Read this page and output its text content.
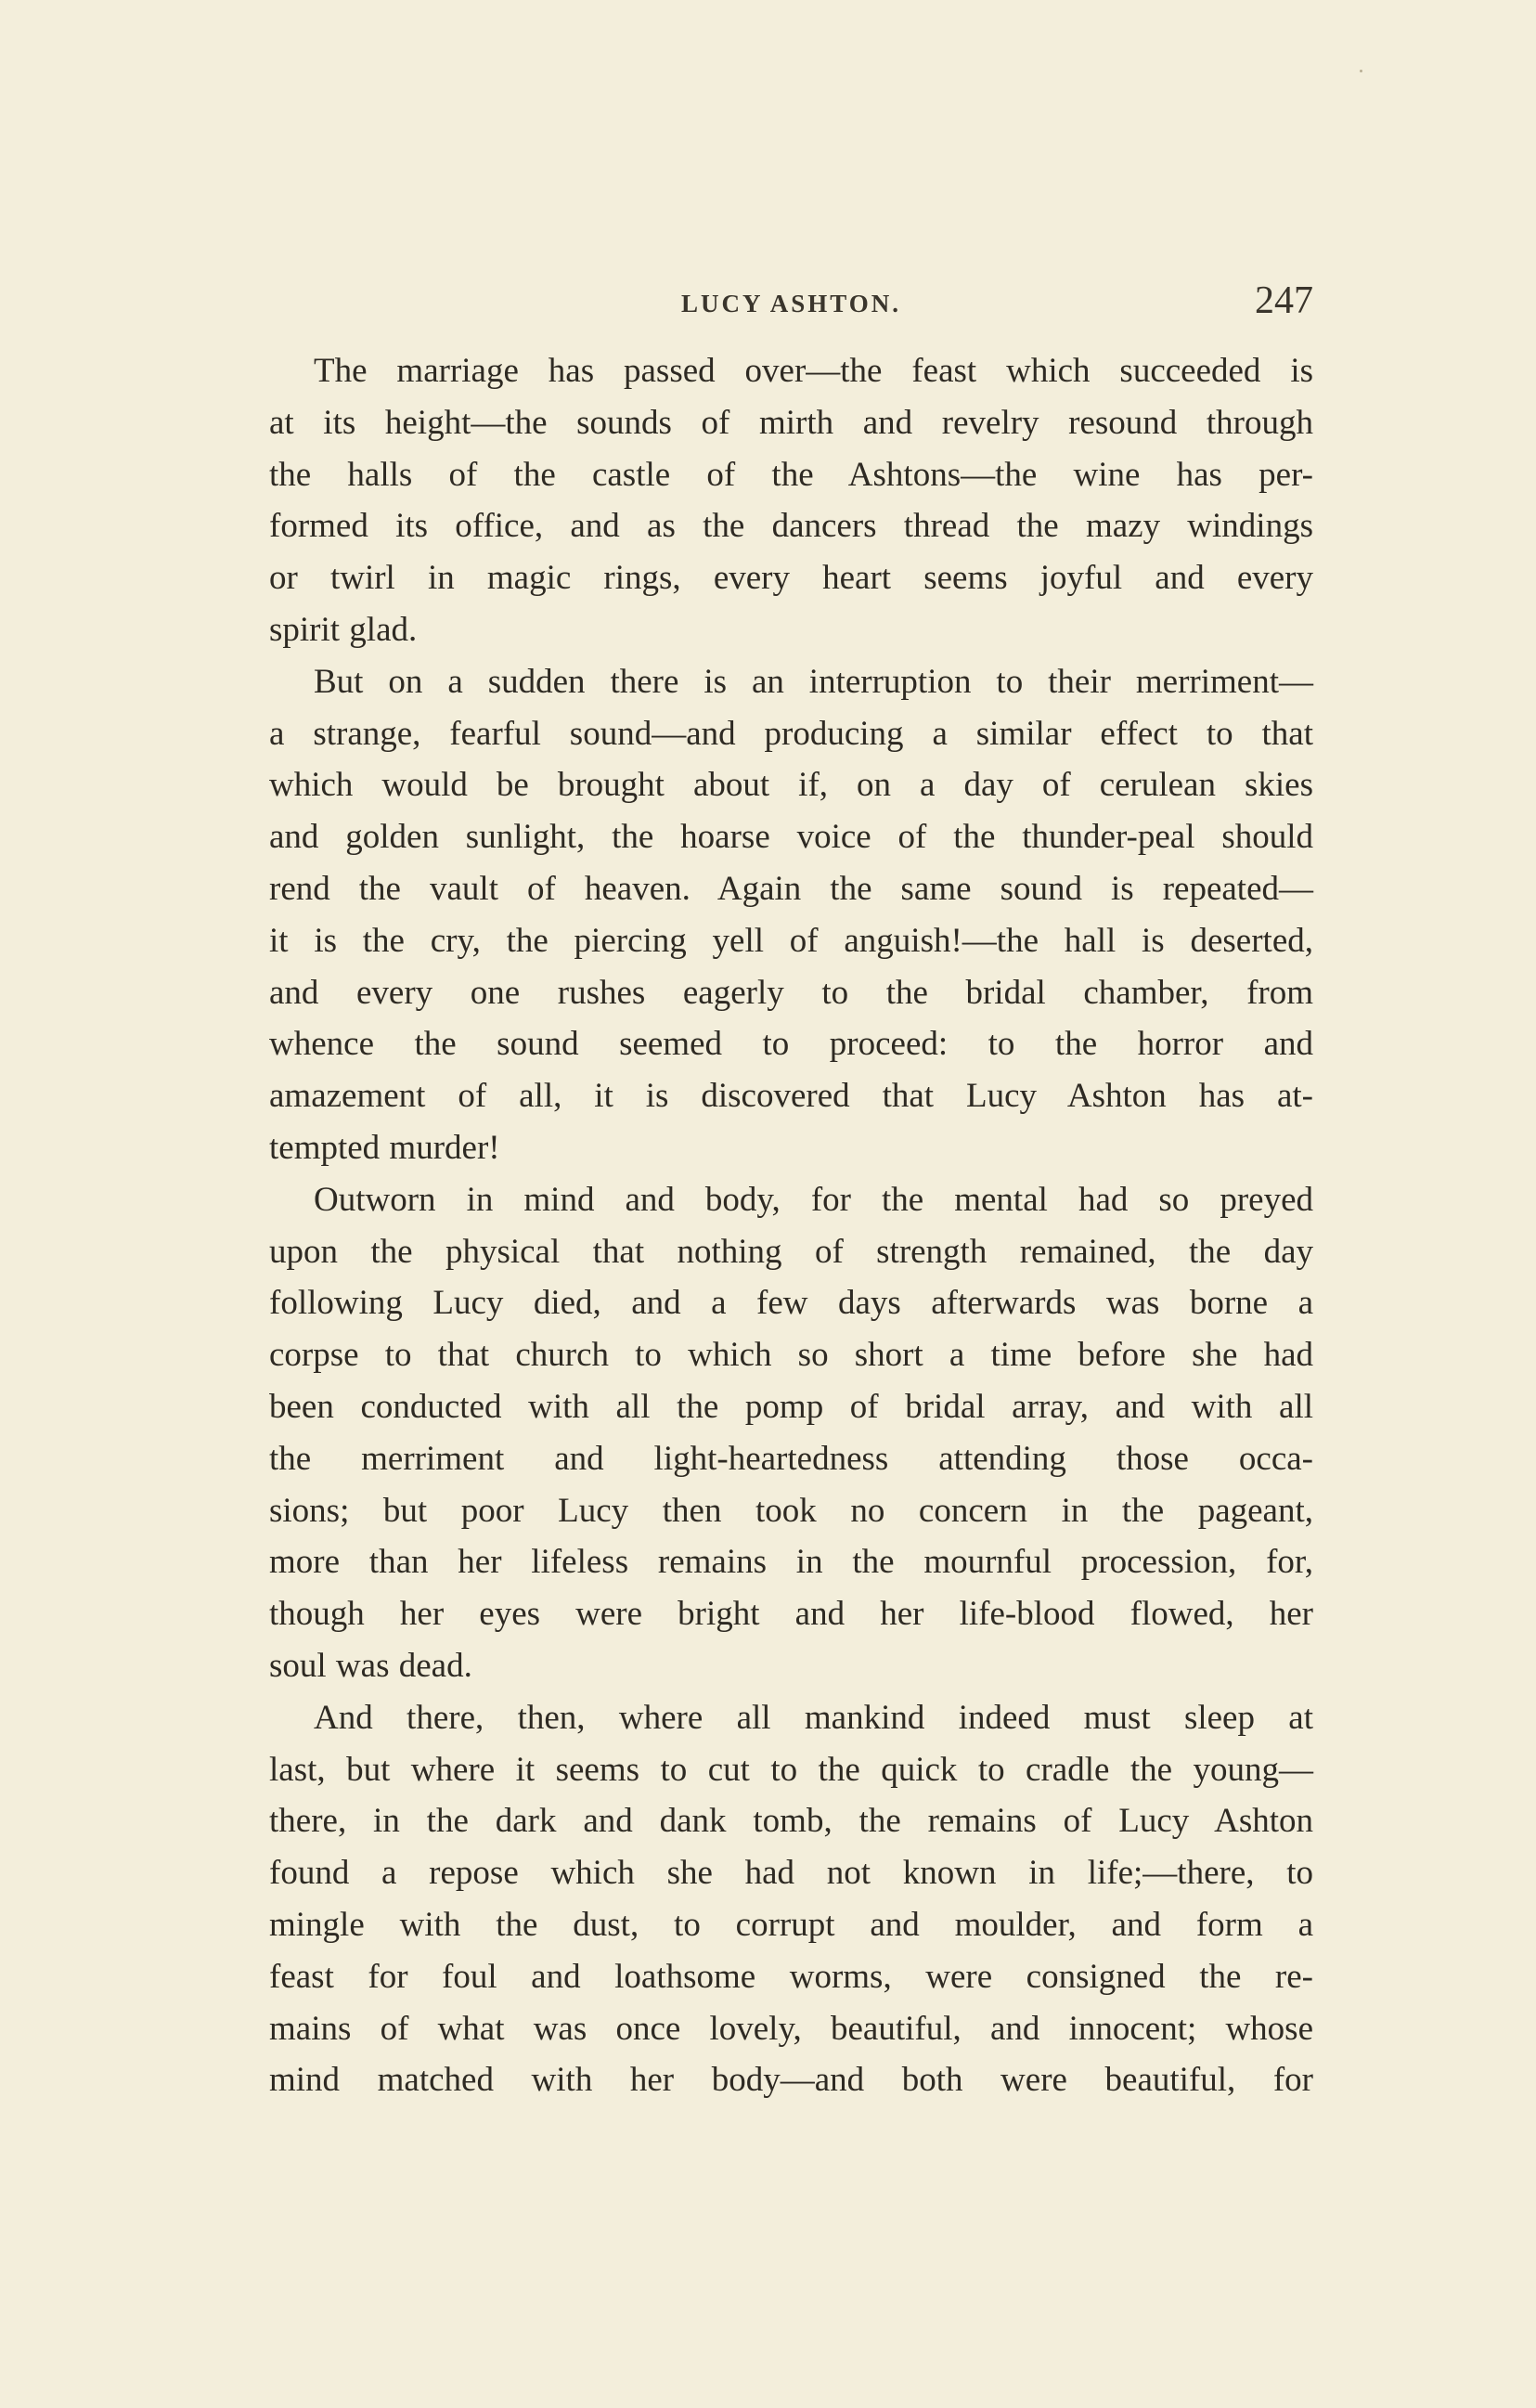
LUCY ASHTON.	247
The marriage has passed over—the feast which succeeded is
at its height—the sounds of mirth and revelry resound through
the halls of the castle of the Ashtons—the wine has per-
formed its office, and as the dancers thread the mazy windings
or twirl in magic rings, every heart seems joyful and every
spirit glad.
But on a sudden there is an interruption to their merriment—
a strange, fearful sound—and producing a similar effect to that
which would be brought about if, on a day of cerulean skies
and golden sunlight, the hoarse voice of the thunder-peal should
rend the vault of heaven. Again the same sound is repeated—
it is the cry, the piercing yell of anguish!—the hall is deserted,
and every one rushes eagerly to the bridal chamber, from
whence the sound seemed to proceed: to the horror and
amazement of all, it is discovered that Lucy Ashton has at-
tempted murder!
Outworn in mind and body, for the mental had so preyed
upon the physical that nothing of strength remained, the day
following Lucy died, and a few days afterwards was borne a
corpse to that church to which so short a time before she had
been conducted with all the pomp of bridal array, and with all
the merriment and light-heartedness attending those occa-
sions; but poor Lucy then took no concern in the pageant,
more than her lifeless remains in the mournful procession, for,
though her eyes were bright and her life-blood flowed, her
soul was dead.
And there, then, where all mankind indeed must sleep at
last, but where it seems to cut to the quick to cradle the young—
there, in the dark and dank tomb, the remains of Lucy Ashton
found a repose which she had not known in life;—there, to
mingle with the dust, to corrupt and moulder, and form a
feast for foul and loathsome worms, were consigned the re-
mains of what was once lovely, beautiful, and innocent; whose
mind matched with her body—and both were beautiful, for
